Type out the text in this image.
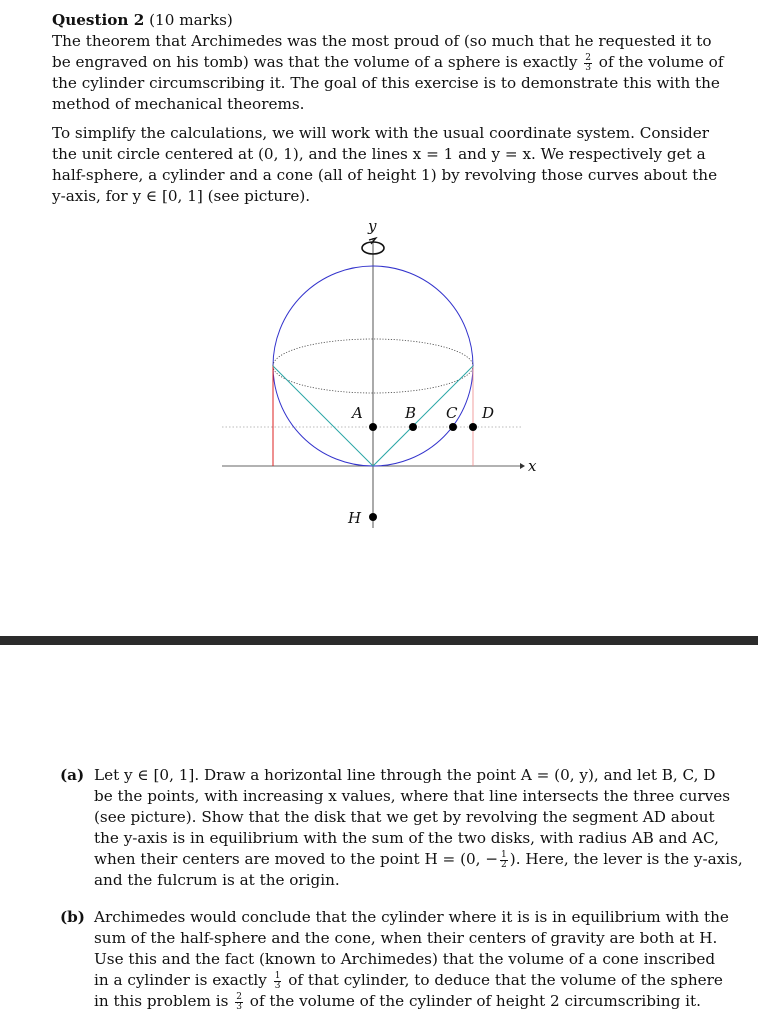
Question 2 (10 marks)
The theorem that Archimedes was the most proud of (so much that he requested it to
be engraved on his tomb) was that the volume of a sphere is exactly $\frac{2}{3}$ of the volume of
the cylinder circumscribing it. The goal of this exercise is to demonstrate this with the
method of mechanical theorems.

To simplify the calculations, we will work with the usual coordinate system. Consider
the unit circle centered at (0, 1), and the lines x = 1 and y = x. We respectively get a
half-sphere, a cylinder and a cone (all of height 1) by revolving those curves about the
y-axis, for y ∈ [0, 1] (see picture).

x
y
A	B C D
H
(a) Let y ∈ [0, 1]. Draw a horizontal line through the point A = (0, y), and let B, C, D
be the points, with increasing x values, where that line intersects the three curves
(see picture). Show that the disk that we get by revolving the segment AD about
the y-axis is in equilibrium with the sum of the two disks, with radius AB and AC,
when their centers are moved to the point H = (0, − $\frac{1}{2}$ ). Here, the lever is the y-axis,
and the fulcrum is at the origin.
(b) Archimedes would conclude that the cylinder where it is is in equilibrium with the
sum of the half-sphere and the cone, when their centers of gravity are both at H.
Use this and the fact (known to Archimedes) that the volume of a cone inscribed
in a cylinder is exactly $\frac{1}{3}$ of that cylinder, to deduce that the volume of the sphere
in this problem is $\frac{2}{3}$ of the volume of the cylinder of height 2 circumscribing it.
